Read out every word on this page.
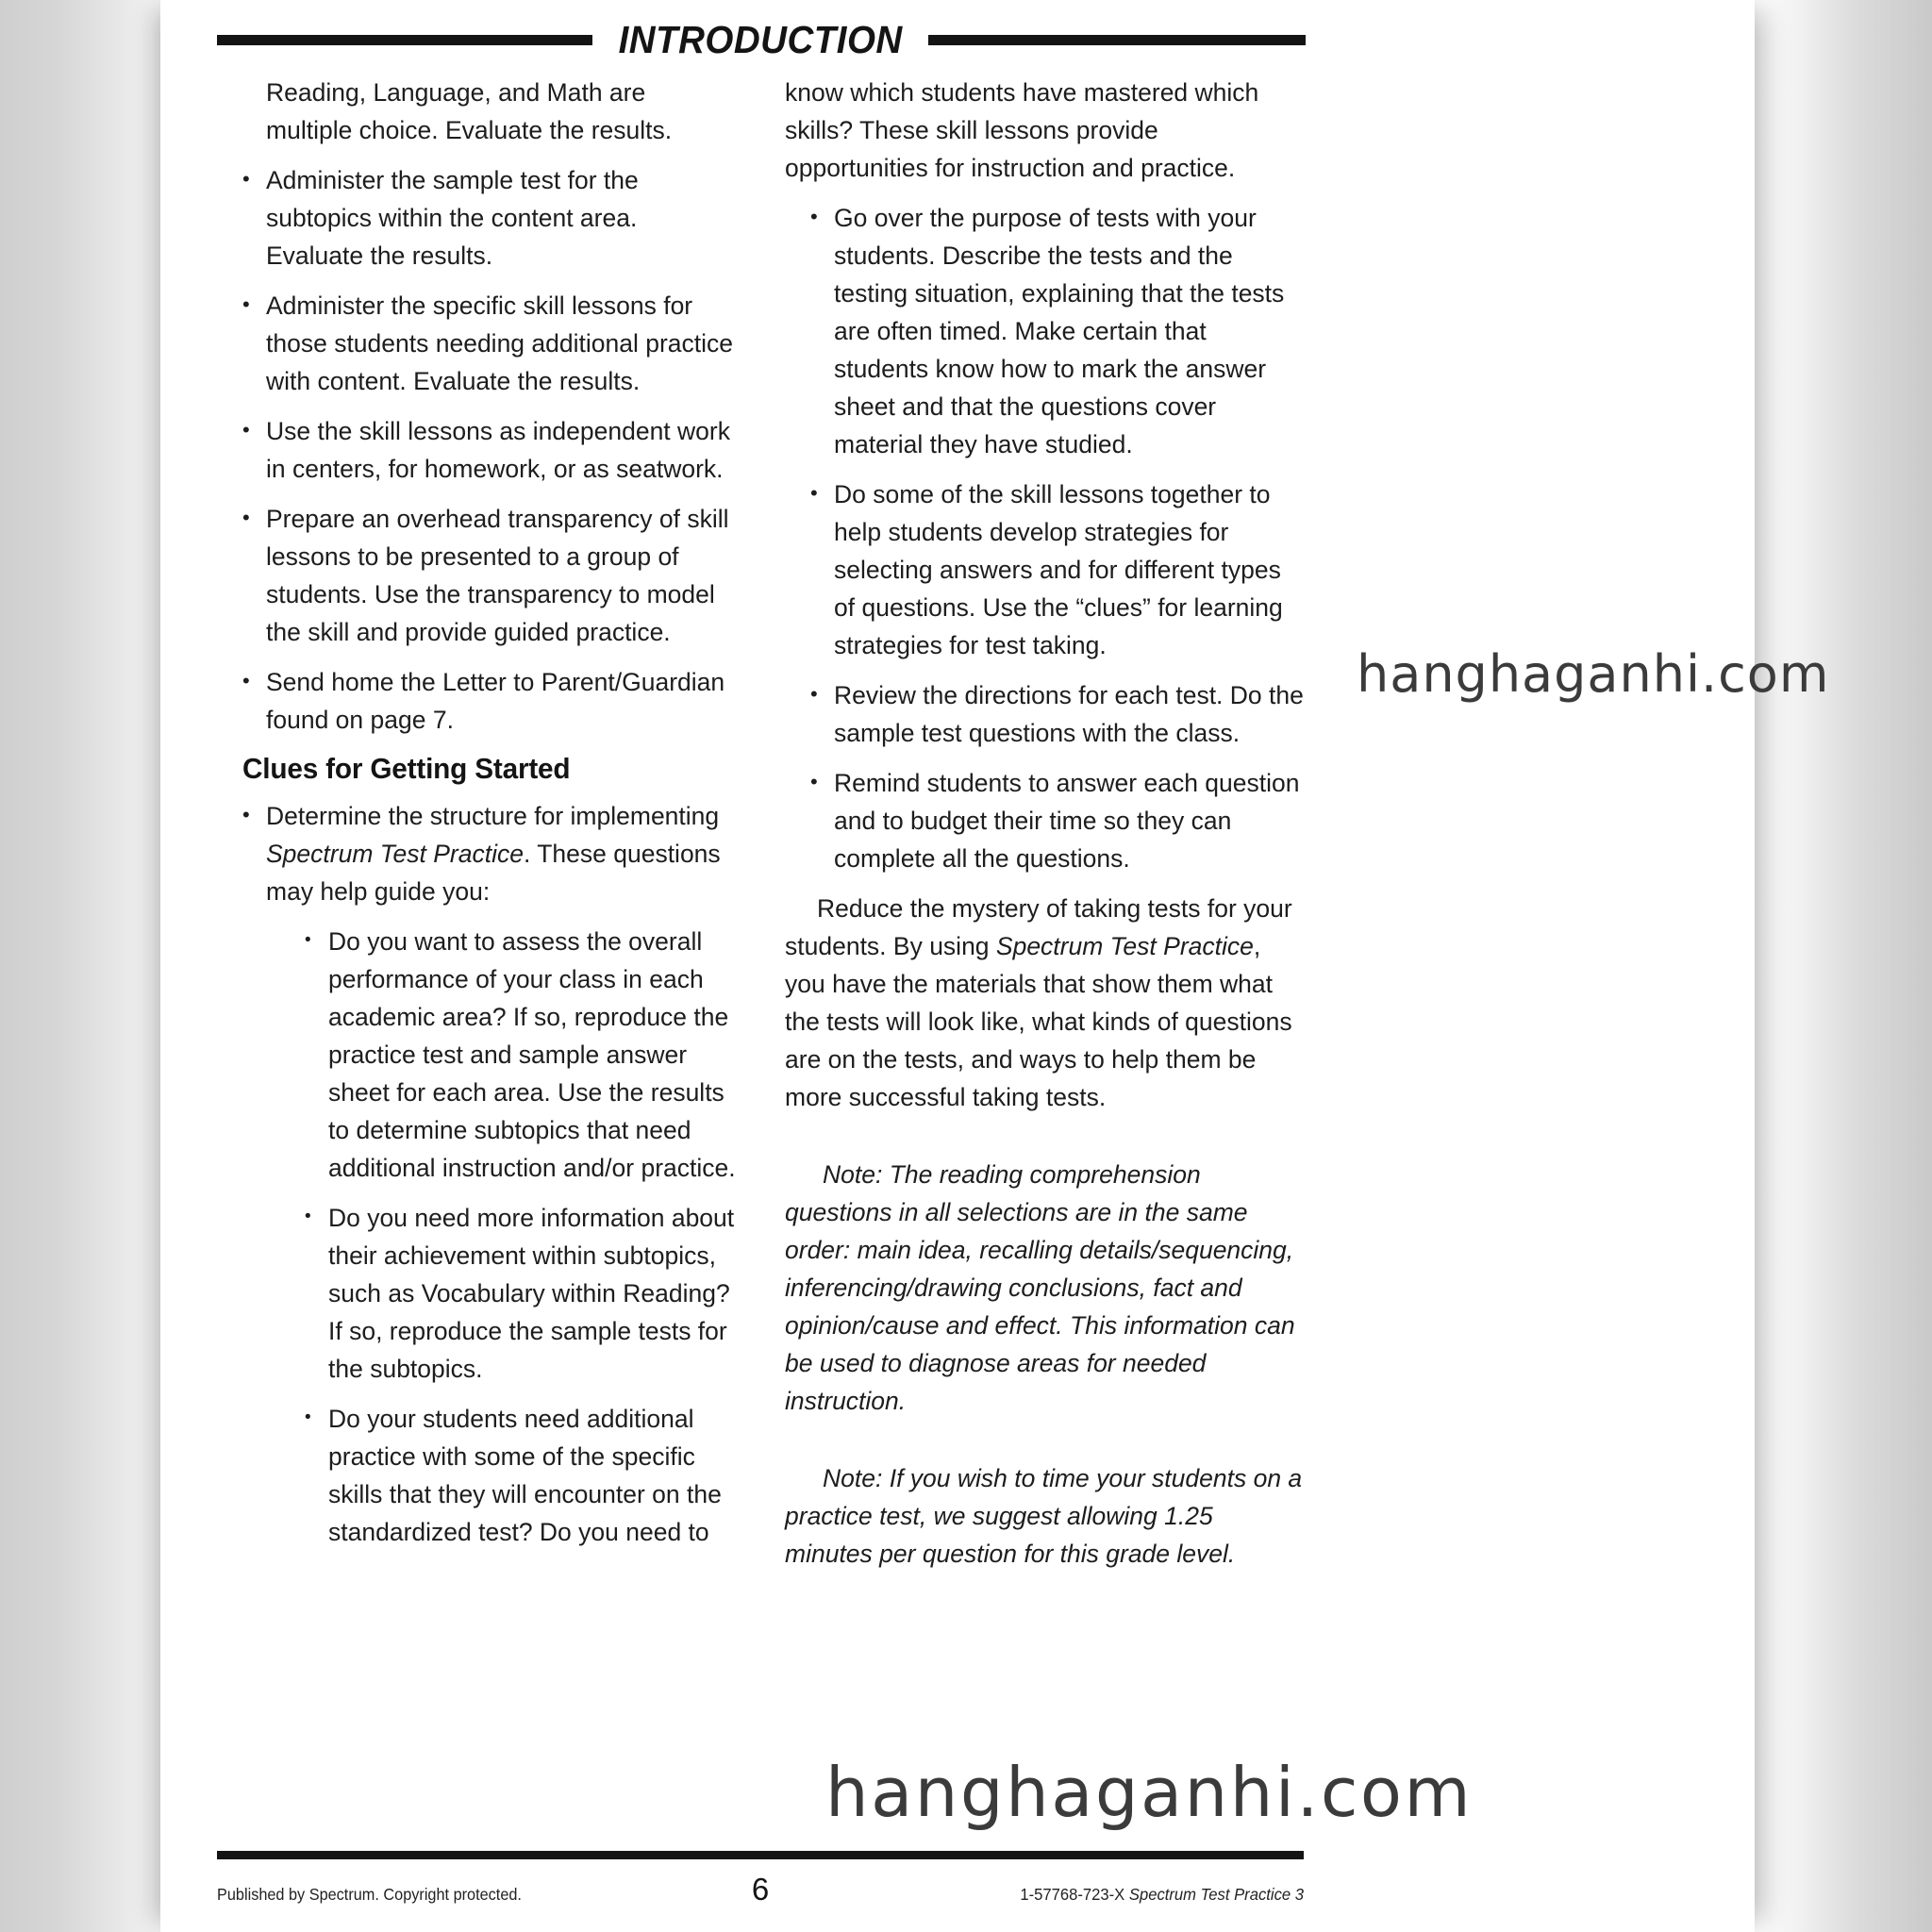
INTRODUCTION

Reading, Language, and Math are multiple choice. Evaluate the results.

• Administer the sample test for the subtopics within the content area. Evaluate the results.
• Administer the specific skill lessons for those students needing additional practice with content. Evaluate the results.
• Use the skill lessons as independent work in centers, for homework, or as seatwork.
• Prepare an overhead transparency of skill lessons to be presented to a group of students. Use the transparency to model the skill and provide guided practice.
• Send home the Letter to Parent/Guardian found on page 7.
Clues for Getting Started
• Determine the structure for implementing Spectrum Test Practice. These questions may help guide you:
• Do you want to assess the overall performance of your class in each academic area? If so, reproduce the practice test and sample answer sheet for each area. Use the results to determine subtopics that need additional instruction and/or practice.
• Do you need more information about their achievement within subtopics, such as Vocabulary within Reading? If so, reproduce the sample tests for the subtopics.
• Do your students need additional practice with some of the specific skills that they will encounter on the standardized test? Do you need to

know which students have mastered which skills? These skill lessons provide opportunities for instruction and practice.

• Go over the purpose of tests with your students. Describe the tests and the testing situation, explaining that the tests are often timed. Make certain that students know how to mark the answer sheet and that the questions cover material they have studied.
• Do some of the skill lessons together to help students develop strategies for selecting answers and for different types of questions. Use the “clues” for learning strategies for test taking.
• Review the directions for each test. Do the sample test questions with the class.
• Remind students to answer each question and to budget their time so they can complete all the questions.

Reduce the mystery of taking tests for your students. By using Spectrum Test Practice, you have the materials that show them what the tests will look like, what kinds of questions are on the tests, and ways to help them be more successful taking tests.

Note: The reading comprehension questions in all selections are in the same order: main idea, recalling details/sequencing, inferencing/drawing conclusions, fact and opinion/cause and effect. This information can be used to diagnose areas for needed instruction.

Note: If you wish to time your students on a practice test, we suggest allowing 1.25 minutes per question for this grade level.

hanghaganhi.com
hanghaganhi.com
Published by Spectrum. Copyright protected.	6	1-57768-723-X Spectrum Test Practice 3
